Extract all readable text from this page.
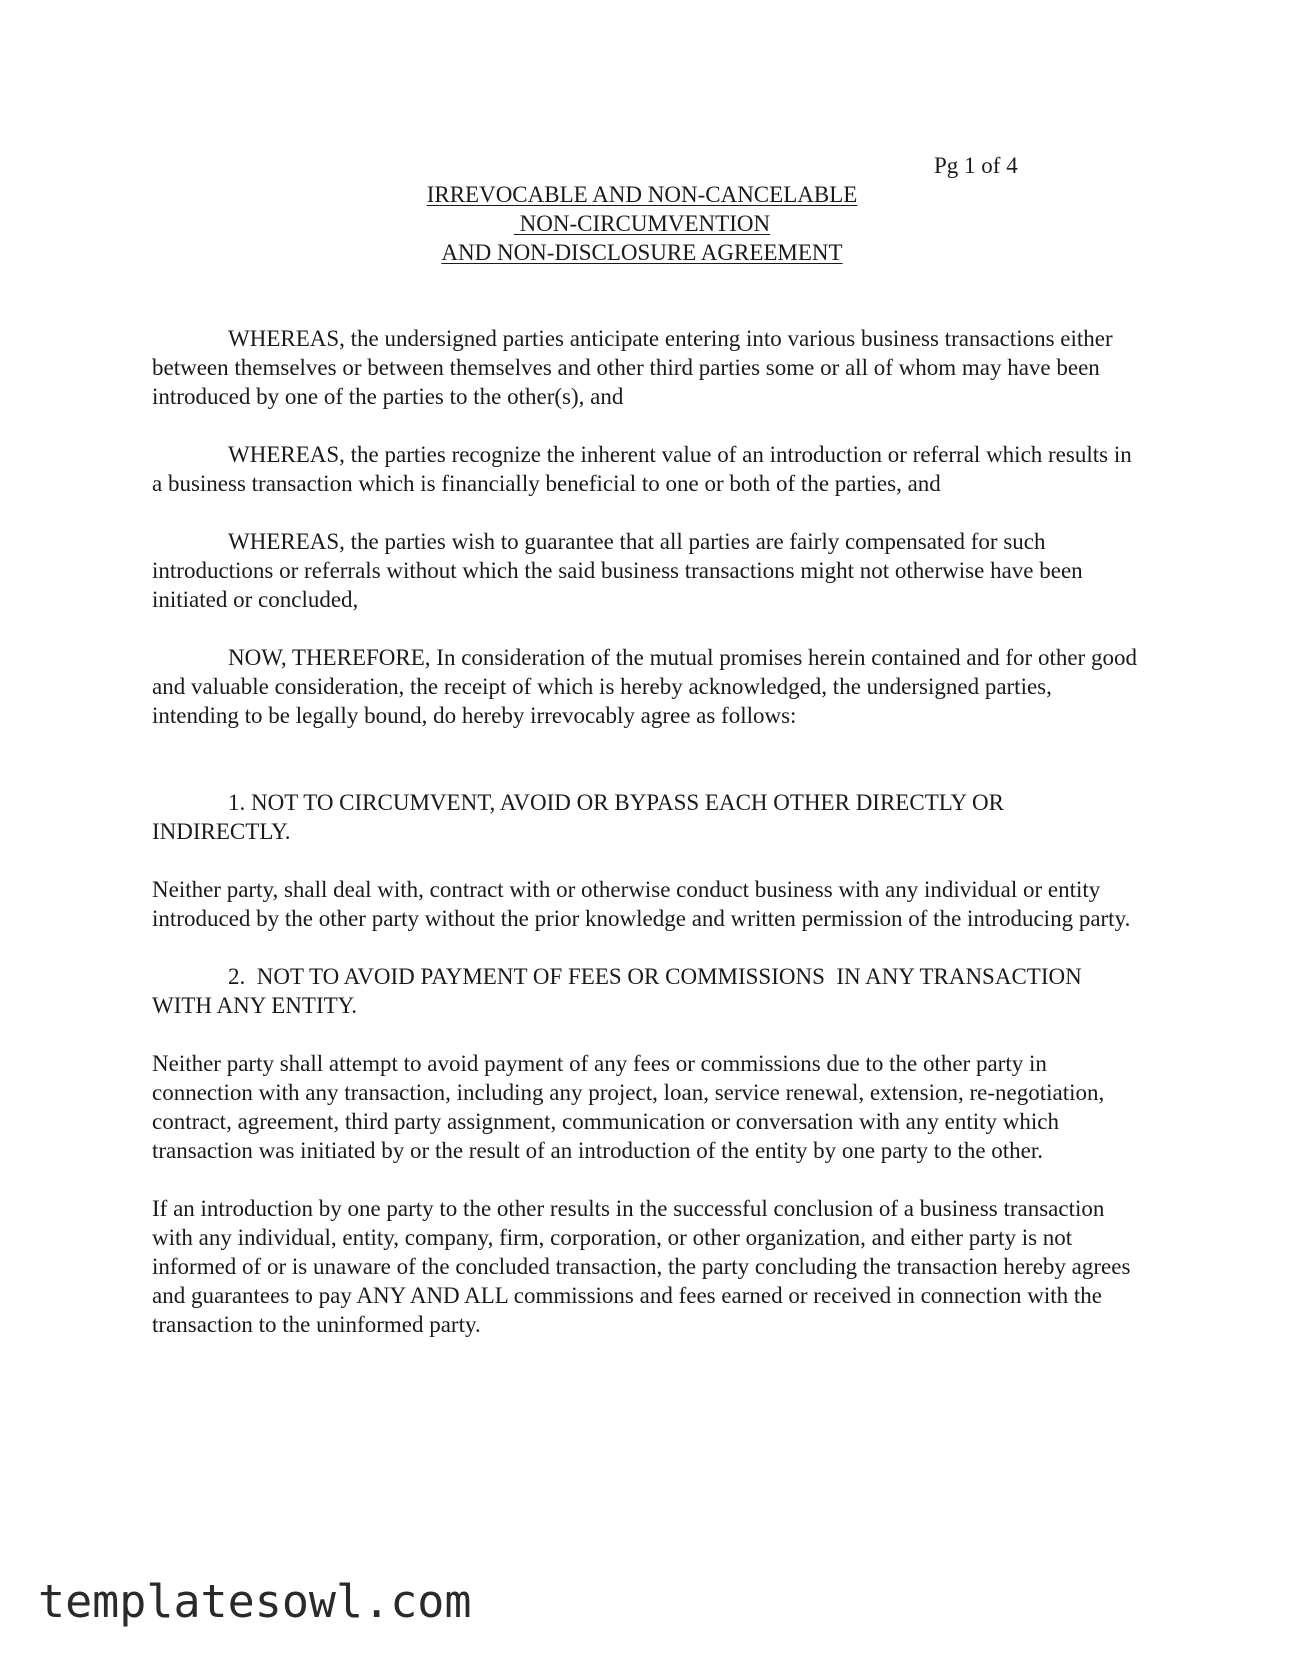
Pg 1 of 4
IRREVOCABLE AND NON-CANCELABLE
NON-CIRCUMVENTION
AND NON-DISCLOSURE AGREEMENT

WHEREAS, the undersigned parties anticipate entering into various business transactions either between themselves or between themselves and other third parties some or all of whom may have been introduced by one of the parties to the other(s), and

WHEREAS, the parties recognize the inherent value of an introduction or referral which results in a business transaction which is financially beneficial to one or both of the parties, and

WHEREAS, the parties wish to guarantee that all parties are fairly compensated for such introductions or referrals without which the said business transactions might not otherwise have been initiated or concluded,

NOW, THEREFORE, In consideration of the mutual promises herein contained and for other good and valuable consideration, the receipt of which is hereby acknowledged, the undersigned parties, intending to be legally bound, do hereby irrevocably agree as follows:

1. NOT TO CIRCUMVENT, AVOID OR BYPASS EACH OTHER DIRECTLY OR INDIRECTLY.

Neither party, shall deal with, contract with or otherwise conduct business with any individual or entity introduced by the other party without the prior knowledge and written permission of the introducing party.

2.  NOT TO AVOID PAYMENT OF FEES OR COMMISSIONS  IN ANY TRANSACTION WITH ANY ENTITY.

Neither party shall attempt to avoid payment of any fees or commissions due to the other party in connection with any transaction, including any project, loan, service renewal, extension, re-negotiation, contract, agreement, third party assignment, communication or conversation with any entity which transaction was initiated by or the result of an introduction of the entity by one party to the other.

If an introduction by one party to the other results in the successful conclusion of a business transaction with any individual, entity, company, firm, corporation, or other organization, and either party is not informed of or is unaware of the concluded transaction, the party concluding the transaction hereby agrees and guarantees to pay ANY AND ALL commissions and fees earned or received in connection with the transaction to the uninformed party.

templatesowl.com
